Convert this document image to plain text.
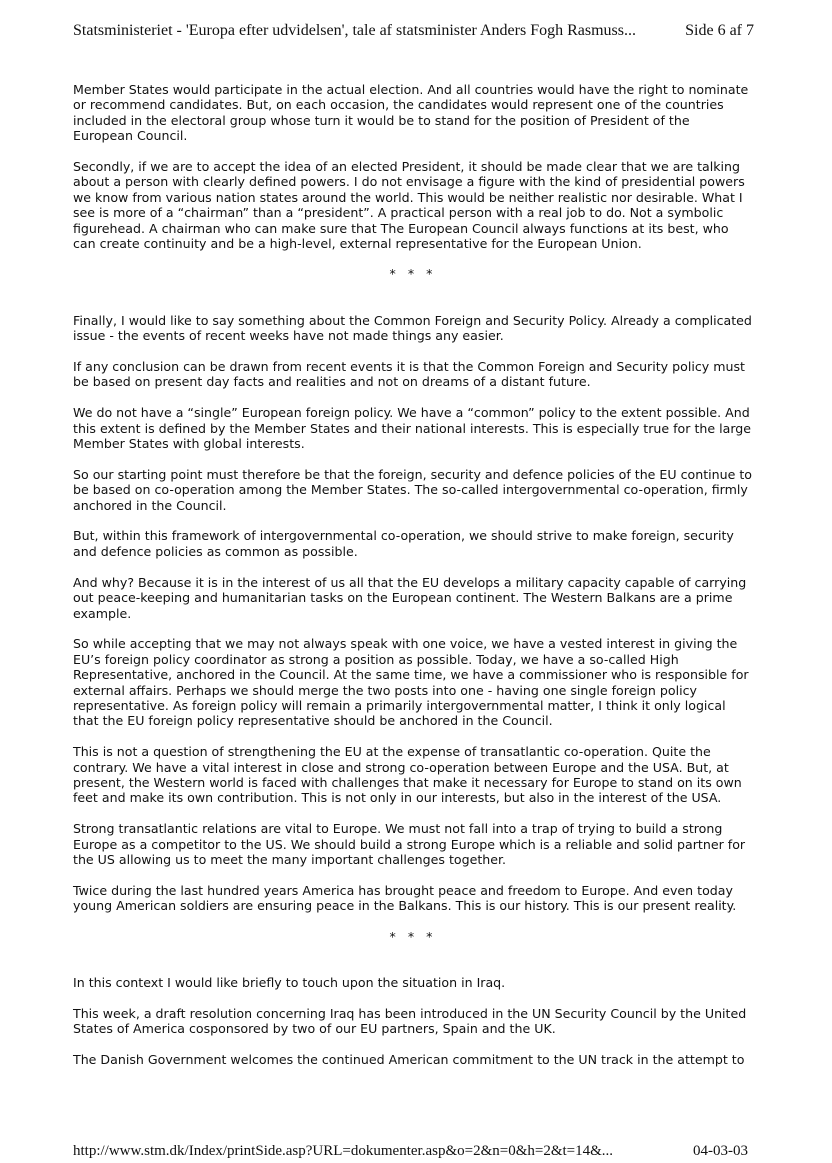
Statsministeriet - 'Europa efter udvidelsen', tale af statsminister Anders Fogh Rasmuss...	Side 6 af 7

Member States would participate in the actual election. And all countries would have the right to nominate or recommend candidates. But, on each occasion, the candidates would represent one of the countries included in the electoral group whose turn it would be to stand for the position of President of the European Council.

Secondly, if we are to accept the idea of an elected President, it should be made clear that we are talking about a person with clearly defined powers. I do not envisage a figure with the kind of presidential powers we know from various nation states around the world. This would be neither realistic nor desirable. What I see is more of a “chairman” than a “president”. A practical person with a real job to do. Not a symbolic figurehead. A chairman who can make sure that The European Council always functions at its best, who can create continuity and be a high-level, external representative for the European Union.

* * *

Finally, I would like to say something about the Common Foreign and Security Policy. Already a complicated issue - the events of recent weeks have not made things any easier.

If any conclusion can be drawn from recent events it is that the Common Foreign and Security policy must be based on present day facts and realities and not on dreams of a distant future.

We do not have a “single” European foreign policy. We have a “common” policy to the extent possible. And this extent is defined by the Member States and their national interests. This is especially true for the large Member States with global interests.

So our starting point must therefore be that the foreign, security and defence policies of the EU continue to be based on co-operation among the Member States. The so-called intergovernmental co-operation, firmly anchored in the Council.

But, within this framework of intergovernmental co-operation, we should strive to make foreign, security and defence policies as common as possible.

And why? Because it is in the interest of us all that the EU develops a military capacity capable of carrying out peace-keeping and humanitarian tasks on the European continent. The Western Balkans are a prime example.

So while accepting that we may not always speak with one voice, we have a vested interest in giving the EU’s foreign policy coordinator as strong a position as possible. Today, we have a so-called High Representative, anchored in the Council. At the same time, we have a commissioner who is responsible for external affairs. Perhaps we should merge the two posts into one - having one single foreign policy representative. As foreign policy will remain a primarily intergovernmental matter, I think it only logical that the EU foreign policy representative should be anchored in the Council.

This is not a question of strengthening the EU at the expense of transatlantic co-operation. Quite the contrary. We have a vital interest in close and strong co-operation between Europe and the USA. But, at present, the Western world is faced with challenges that make it necessary for Europe to stand on its own feet and make its own contribution. This is not only in our interests, but also in the interest of the USA.

Strong transatlantic relations are vital to Europe. We must not fall into a trap of trying to build a strong Europe as a competitor to the US. We should build a strong Europe which is a reliable and solid partner for the US allowing us to meet the many important challenges together.

Twice during the last hundred years America has brought peace and freedom to Europe. And even today young American soldiers are ensuring peace in the Balkans. This is our history. This is our present reality.

* * *

In this context I would like briefly to touch upon the situation in Iraq.

This week, a draft resolution concerning Iraq has been introduced in the UN Security Council by the United States of America cosponsored by two of our EU partners, Spain and the UK.

The Danish Government welcomes the continued American commitment to the UN track in the attempt to

http://www.stm.dk/Index/printSide.asp?URL=dokumenter.asp&o=2&n=0&h=2&t=14&...	04-03-03
